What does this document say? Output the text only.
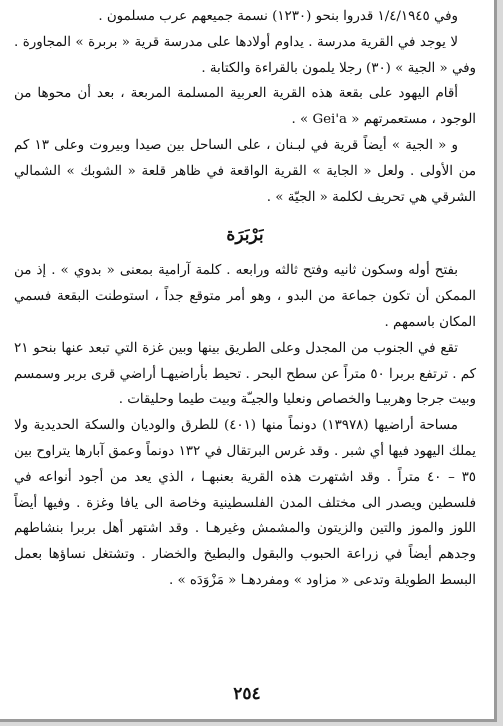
وفي ١/٤/١٩٤٥ قدروا بنحو (١٢٣٠) نسمة جميعهم عرب مسلمون .

لا يوجد في القرية مدرسة . يداوم أولادها على مدرسة قرية « بربرة » المجاورة . وفي « الجية » (٣٠) رجلا يلمون بالقراءة والكتابة .

أقام اليهود على بقعة هذه القرية العربية المسلمة المربعة ، بعد أن محوها من الوجود ، مستعمرتهم « Gei'a » .

و « الجية » أيضاً قرية في لبـنان ، على الساحل بين صيدا وبيروت وعلى ١٣ كم من الأولى . ولعل « الجاية » القرية الواقعة في ظاهر قلعة « الشوبك » الشمالي الشرقي هي تحريف لكلمة « الجيّة » .

بَرْبَرَة

بفتح أوله وسكون ثانيه وفتح ثالثه ورابعه . كلمة آرامية بمعنى « بدوي » . إذ من الممكن أن تكون جماعة من البدو ، وهو أمر متوقع جداً ، استوطنت البقعة فسمي المكان باسمهم .

تقع في الجنوب من المجدل وعلى الطريق بينها وبين غزة التي تبعد عنها بنحو ٢١ كم . ترتفع بربرا ٥٠ متراً عن سطح البحر . تحيط بأراضيهـا أراضي قرى بربر وسمسم وبيت جرجا وهربيـا والخصاص ونعليا والجيـّة وبيت طيما وحليقات .

مساحة أراضيها (١٣٩٧٨) دونماً منها (٤٠١) للطرق والوديان والسكة الحديدية ولا يملك اليهود فيها أي شبر . وقد غرس البرتقال في ١٣٢ دونماً وعمق آبارها يتراوح بين ٣٥ – ٤٠ متراً . وقد اشتهرت هذه القرية بعنبهـا ، الذي يعد من أجود أنواعه في فلسطين ويصدر الى مختلف المدن الفلسطينية وخاصة الى يافا وغزة . وفيها أيضاً اللوز والموز والتين والزيتون والمشمش وغيرهـا . وقد اشتهر أهل بربرا بنشاطهم وجدهم أيضاً في زراعة الحبوب والبقول والبطيخ والخضار . وتشتغل نساؤها بعمل البسط الطويلة وتدعى « مزاود » ومفردهـا « مَزْوَدَه » .

٢٥٤
